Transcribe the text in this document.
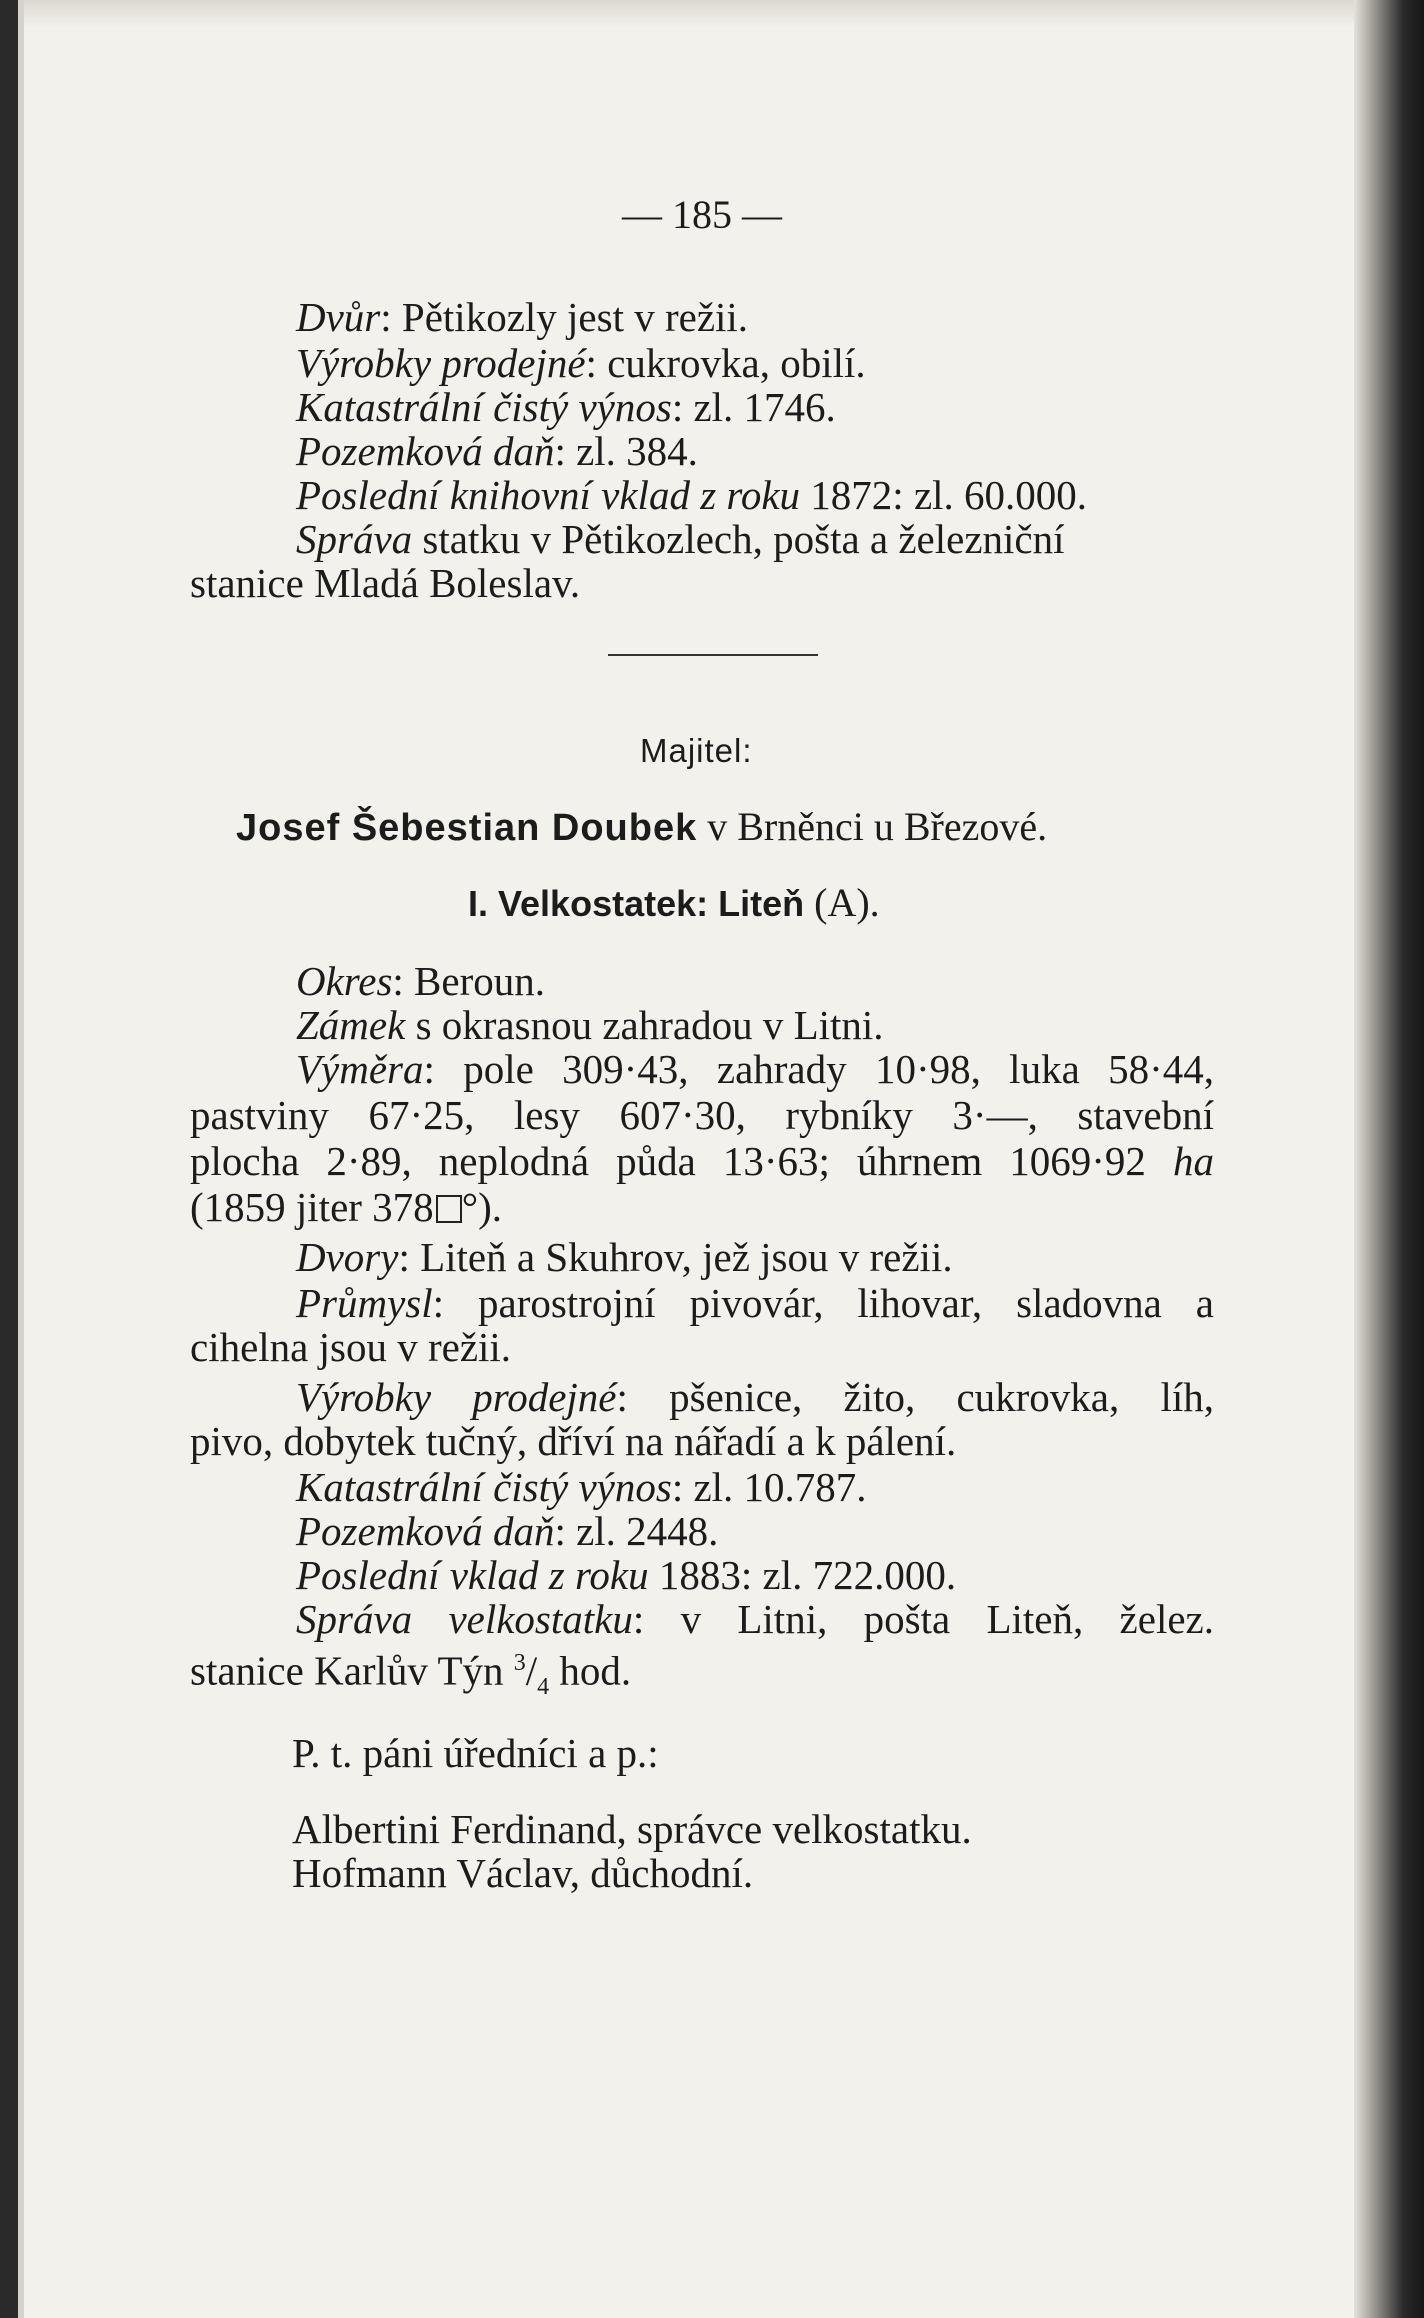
— 185 —
Dvůr: Pětikozly jest v režii.
Výrobky prodejné: cukrovka, obilí.
Katastrální čistý výnos: zl. 1746.
Pozemková daň: zl. 384.
Poslední knihovní vklad z roku 1872: zl. 60.000.
Správa statku v Pětikozlech, pošta a železniční
stanice Mladá Boleslav.
Majitel:
Josef Šebestian Doubek v Brněnci u Březové.
I. Velkostatek: Liteň (A).
Okres: Beroun.
Zámek s okrasnou zahradou v Litni.
Výměra: pole 309·43, zahrady 10·98, luka 58·44,
pastviny 67·25, lesy 607·30, rybníky 3·—, stavební
plocha 2·89, neplodná půda 13·63; úhrnem 1069·92 ha
(1859 jiter 378 °).
Dvory: Liteň a Skuhrov, jež jsou v režii.
Průmysl: parostrojní pivovár, lihovar, sladovna a
cihelna jsou v režii.
Výrobky prodejné: pšenice, žito, cukrovka, líh,
pivo, dobytek tučný, dříví na nářadí a k pálení.
Katastrální čistý výnos: zl. 10.787.
Pozemková daň: zl. 2448.
Poslední vklad z roku 1883: zl. 722.000.
Správa velkostatku: v Litni, pošta Liteň, želez.
stanice Karlův Týn $^3/_4$ hod.
P. t. páni úředníci a p.:
Albertini Ferdinand, správce velkostatku.
Hofmann Václav, důchodní.
